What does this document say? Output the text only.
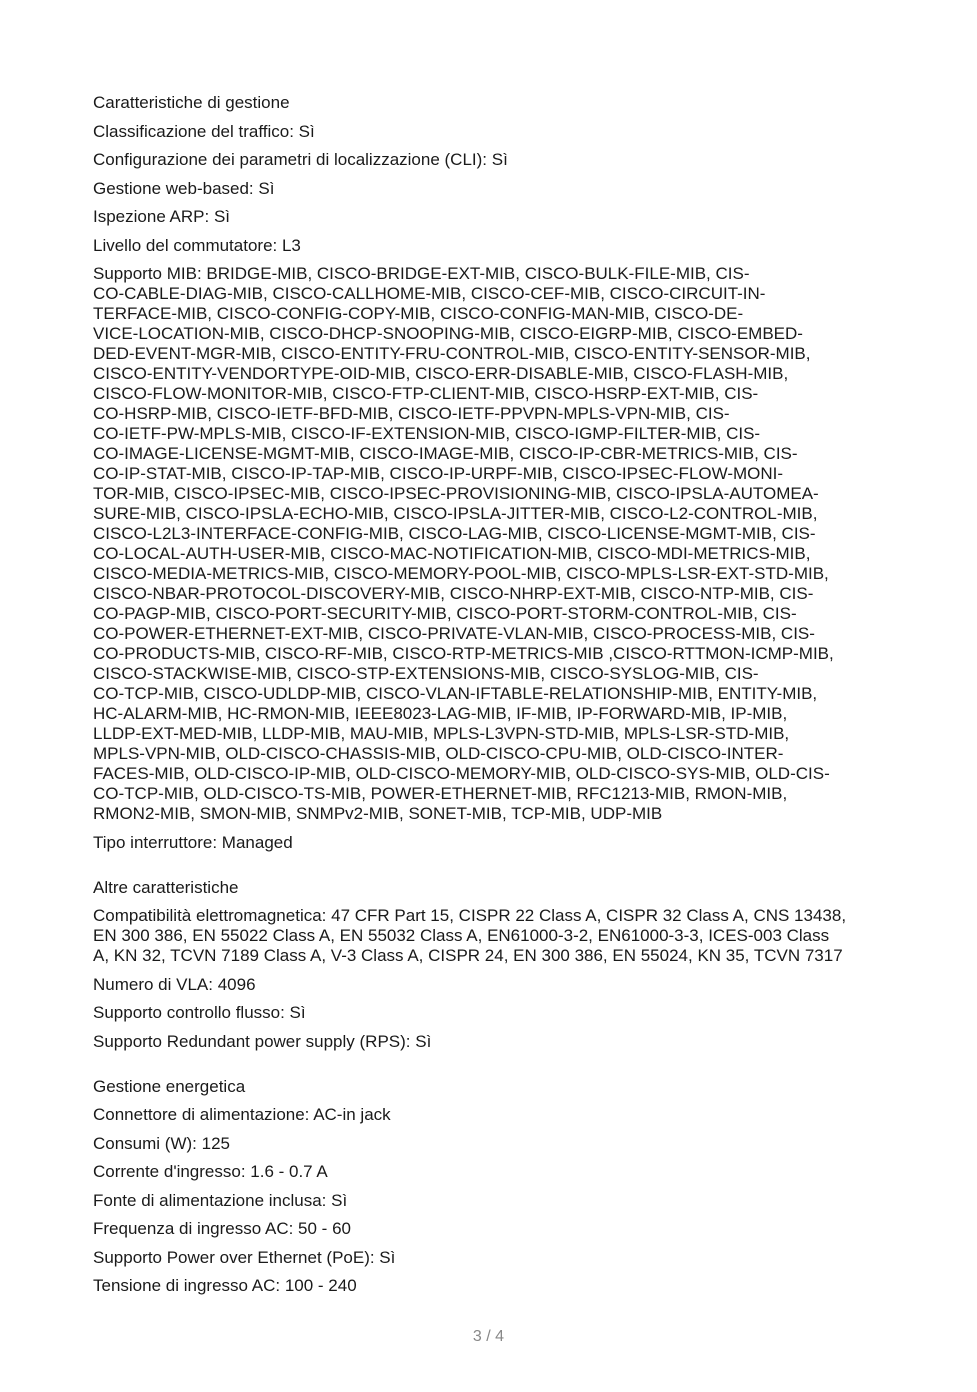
Caratteristiche di gestione
Classificazione del traffico: Sì
Configurazione dei parametri di localizzazione (CLI): Sì
Gestione web-based: Sì
Ispezione ARP: Sì
Livello del commutatore: L3
Supporto MIB: BRIDGE-MIB, CISCO-BRIDGE-EXT-MIB, CISCO-BULK-FILE-MIB, CIS-
CO-CABLE-DIAG-MIB, CISCO-CALLHOME-MIB, CISCO-CEF-MIB, CISCO-CIRCUIT-IN-
TERFACE-MIB, CISCO-CONFIG-COPY-MIB, CISCO-CONFIG-MAN-MIB, CISCO-DE-
VICE-LOCATION-MIB, CISCO-DHCP-SNOOPING-MIB, CISCO-EIGRP-MIB, CISCO-EMBED-
DED-EVENT-MGR-MIB, CISCO-ENTITY-FRU-CONTROL-MIB, CISCO-ENTITY-SENSOR-MIB,
CISCO-ENTITY-VENDORTYPE-OID-MIB, CISCO-ERR-DISABLE-MIB, CISCO-FLASH-MIB,
CISCO-FLOW-MONITOR-MIB, CISCO-FTP-CLIENT-MIB, CISCO-HSRP-EXT-MIB, CIS-
CO-HSRP-MIB, CISCO-IETF-BFD-MIB, CISCO-IETF-PPVPN-MPLS-VPN-MIB, CIS-
CO-IETF-PW-MPLS-MIB, CISCO-IF-EXTENSION-MIB, CISCO-IGMP-FILTER-MIB, CIS-
CO-IMAGE-LICENSE-MGMT-MIB, CISCO-IMAGE-MIB, CISCO-IP-CBR-METRICS-MIB, CIS-
CO-IP-STAT-MIB, CISCO-IP-TAP-MIB, CISCO-IP-URPF-MIB, CISCO-IPSEC-FLOW-MONI-
TOR-MIB, CISCO-IPSEC-MIB, CISCO-IPSEC-PROVISIONING-MIB, CISCO-IPSLA-AUTOMEA-
SURE-MIB, CISCO-IPSLA-ECHO-MIB, CISCO-IPSLA-JITTER-MIB, CISCO-L2-CONTROL-MIB,
CISCO-L2L3-INTERFACE-CONFIG-MIB, CISCO-LAG-MIB, CISCO-LICENSE-MGMT-MIB, CIS-
CO-LOCAL-AUTH-USER-MIB, CISCO-MAC-NOTIFICATION-MIB, CISCO-MDI-METRICS-MIB,
CISCO-MEDIA-METRICS-MIB, CISCO-MEMORY-POOL-MIB, CISCO-MPLS-LSR-EXT-STD-MIB,
CISCO-NBAR-PROTOCOL-DISCOVERY-MIB, CISCO-NHRP-EXT-MIB, CISCO-NTP-MIB, CIS-
CO-PAGP-MIB, CISCO-PORT-SECURITY-MIB, CISCO-PORT-STORM-CONTROL-MIB, CIS-
CO-POWER-ETHERNET-EXT-MIB, CISCO-PRIVATE-VLAN-MIB, CISCO-PROCESS-MIB, CIS-
CO-PRODUCTS-MIB, CISCO-RF-MIB, CISCO-RTP-METRICS-MIB ,CISCO-RTTMON-ICMP-MIB,
CISCO-STACKWISE-MIB, CISCO-STP-EXTENSIONS-MIB, CISCO-SYSLOG-MIB, CIS-
CO-TCP-MIB, CISCO-UDLDP-MIB, CISCO-VLAN-IFTABLE-RELATIONSHIP-MIB, ENTITY-MIB,
HC-ALARM-MIB, HC-RMON-MIB, IEEE8023-LAG-MIB, IF-MIB, IP-FORWARD-MIB, IP-MIB,
LLDP-EXT-MED-MIB, LLDP-MIB, MAU-MIB, MPLS-L3VPN-STD-MIB, MPLS-LSR-STD-MIB,
MPLS-VPN-MIB, OLD-CISCO-CHASSIS-MIB, OLD-CISCO-CPU-MIB, OLD-CISCO-INTER-
FACES-MIB, OLD-CISCO-IP-MIB, OLD-CISCO-MEMORY-MIB, OLD-CISCO-SYS-MIB, OLD-CIS-
CO-TCP-MIB, OLD-CISCO-TS-MIB, POWER-ETHERNET-MIB, RFC1213-MIB, RMON-MIB,
RMON2-MIB, SMON-MIB, SNMPv2-MIB, SONET-MIB, TCP-MIB, UDP-MIB
Tipo interruttore: Managed
Altre caratteristiche
Compatibilità elettromagnetica: 47 CFR Part 15, CISPR 22 Class A, CISPR 32 Class A, CNS 13438,
EN 300 386, EN 55022 Class A, EN 55032 Class A, EN61000-3-2, EN61000-3-3, ICES-003 Class
A, KN 32, TCVN 7189 Class A, V-3 Class A, CISPR 24, EN 300 386, EN 55024, KN 35, TCVN 7317
Numero di VLA: 4096
Supporto controllo flusso: Sì
Supporto Redundant power supply (RPS): Sì
Gestione energetica
Connettore di alimentazione: AC-in jack
Consumi (W): 125
Corrente d'ingresso: 1.6 - 0.7 A
Fonte di alimentazione inclusa: Sì
Frequenza di ingresso AC: 50 - 60
Supporto Power over Ethernet (PoE): Sì
Tensione di ingresso AC: 100 - 240
3 / 4
